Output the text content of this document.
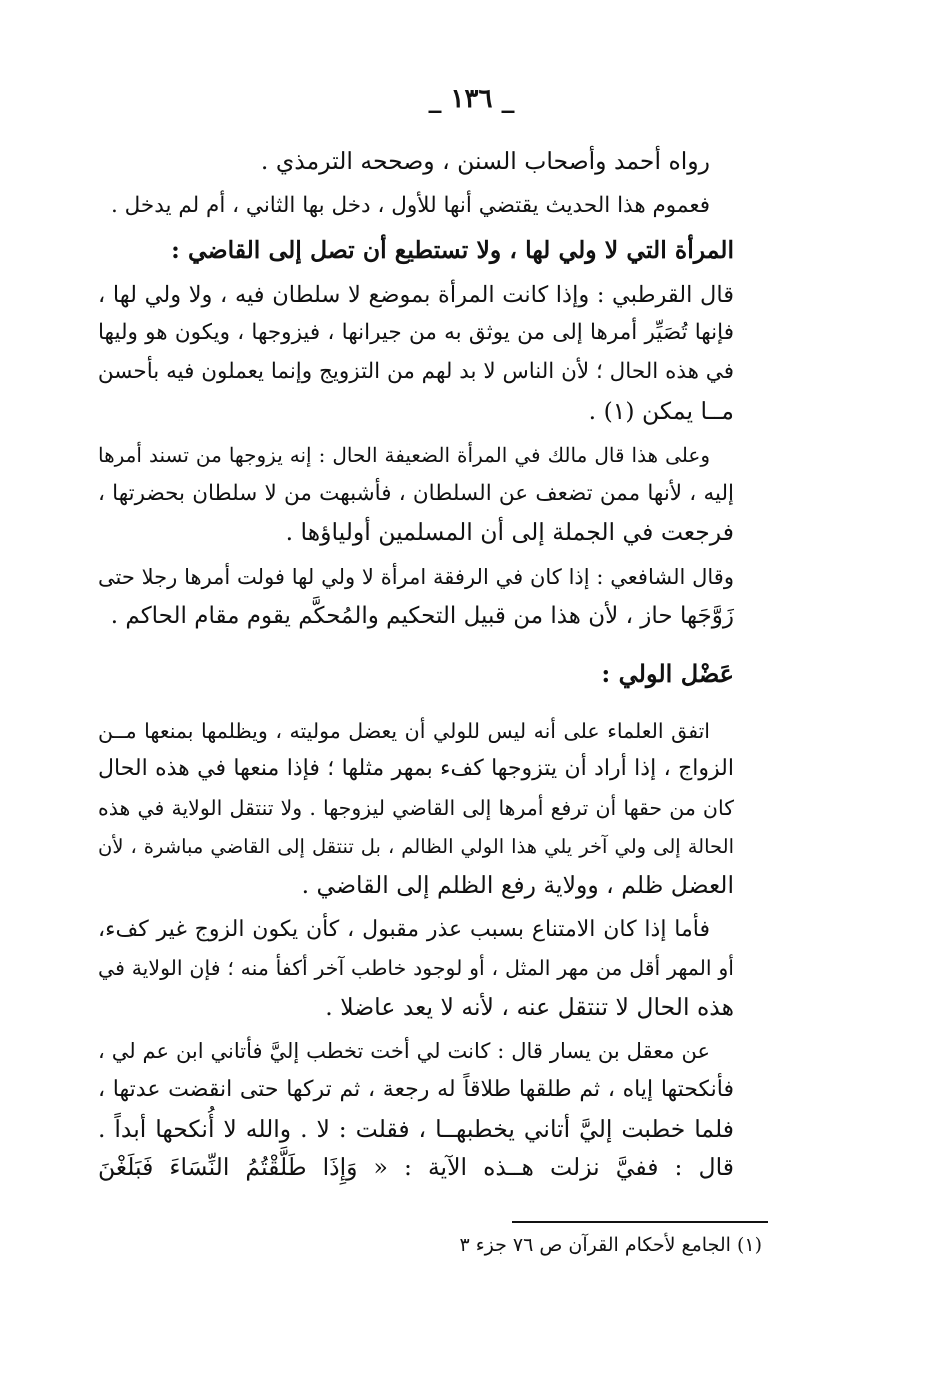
_ ١٣٦ _

رواه أحمد وأصحاب السنن ، وصححه الترمذي .

فعموم هذا الحديث يقتضي أنها للأول ، دخل بها الثاني ، أم لم يدخل .

المرأة التي لا ولي لها ، ولا تستطيع أن تصل إلى القاضي :

قال القرطبي : وإذا كانت المرأة بموضع لا سلطان فيه ، ولا ولي لها ،
فإنها تُصَيِّر أمرها إلى من يوثق به من جيرانها ، فيزوجها ، ويكون هو وليها
في هذه الحال ؛ لأن الناس لا بد لهم من التزويج وإنما يعملون فيه بأحسن
مــا يمكن (١) .

وعلى هذا قال مالك في المرأة الضعيفة الحال : إنه يزوجها من تسند أمرها
إليه ، لأنها ممن تضعف عن السلطان ، فأشبهت من لا سلطان بحضرتها ،
فرجعت في الجملة إلى أن المسلمين أولياؤها .

وقال الشافعي : إذا كان في الرفقة امرأة لا ولي لها فولت أمرها رجلا حتى
زَوَّجَها حاز ، لأن هذا من قبيل التحكيم والمُحكَّم يقوم مقام الحاكم .

عَضْل الولي :

اتفق العلماء على أنه ليس للولي أن يعضل موليته ، ويظلمها بمنعها مــن
الزواج ، إذا أراد أن يتزوجها كفء بمهر مثلها ؛ فإذا منعها في هذه الحال
كان من حقها أن ترفع أمرها إلى القاضي ليزوجها . ولا تنتقل الولاية في هذه
الحالة إلى ولي آخر يلي هذا الولي الظالم ، بل تنتقل إلى القاضي مباشرة ، لأن
العضل ظلم ، وولاية رفع الظلم إلى القاضي .

فأما إذا كان الامتناع بسبب عذر مقبول ، كأن يكون الزوج غير كفء،
أو المهر أقل من مهر المثل ، أو لوجود خاطب آخر أكفأ منه ؛ فإن الولاية في
هذه الحال لا تنتقل عنه ، لأنه لا يعد عاضلا .

عن معقل بن يسار قال : كانت لي أخت تخطب إليَّ فأتاني ابن عم لي ،
فأنكحتها إياه ، ثم طلقها طلاقاً له رجعة ، ثم تركها حتى انقضت عدتها ،
فلما خطبت إليَّ أتاني يخطبهــا ، فقلت : لا . والله لا أُنكحها أبداً .
قال : ففيَّ نزلت هــذه الآية : « وَإِذَا طَلَّقْتُمُ النِّسَاءَ فَبَلَغْنَ

(١) الجامع لأحكام القرآن ص ٧٦ جزء ٣
